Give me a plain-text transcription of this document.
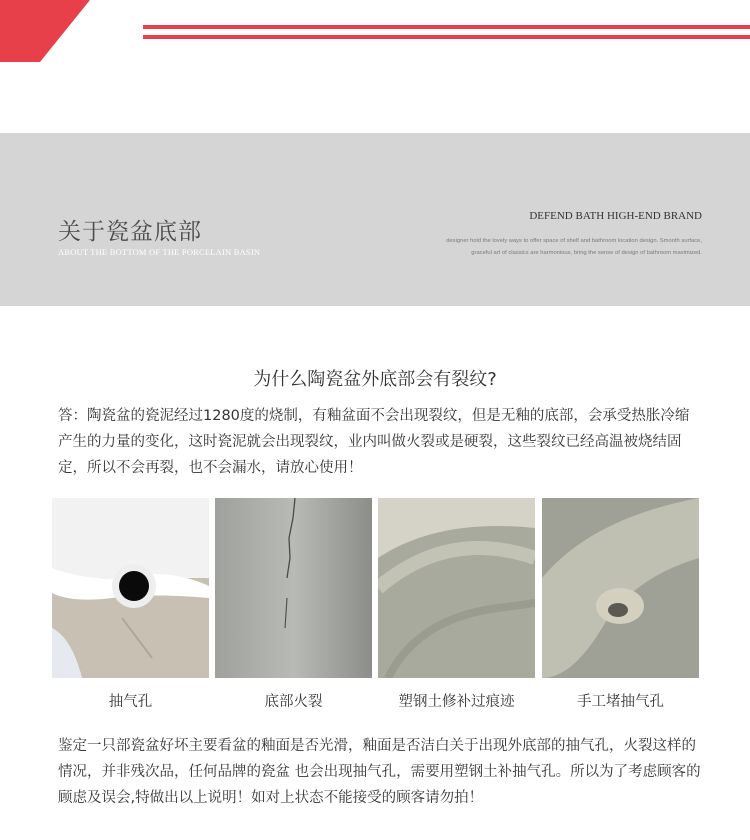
关于瓷盆底部
ABOUT THE BOTTOM OF THE PORCELAIN BASIN
DEFEND BATH HIGH-END BRAND
designer hold the lovely ways to offer space of shelf and bathroom location design. Smooth surface,
graceful art of classics are harmonious, bring the sense of design of bathroom maximized.
为什么陶瓷盆外底部会有裂纹?
答：陶瓷盆的瓷泥经过1280度的烧制，有釉盆面不会出现裂纹，但是无釉的底部，会承受热胀冷缩产生的力量的变化，这时瓷泥就会出现裂纹，业内叫做火裂或是硬裂，这些裂纹已经高温被烧结固定，所以不会再裂，也不会漏水，请放心使用！
抽气孔	底部火裂	塑钢土修补过痕迹	手工堵抽气孔
鉴定一只部瓷盆好坏主要看盆的釉面是否光滑，釉面是否洁白关于出现外底部的抽气孔，火裂这样的情况，并非残次品，任何品牌的瓷盆 也会出现抽气孔，需要用塑钢土补抽气孔。所以为了考虑顾客的顾虑及误会,特做出以上说明！如对上状态不能接受的顾客请勿拍！
